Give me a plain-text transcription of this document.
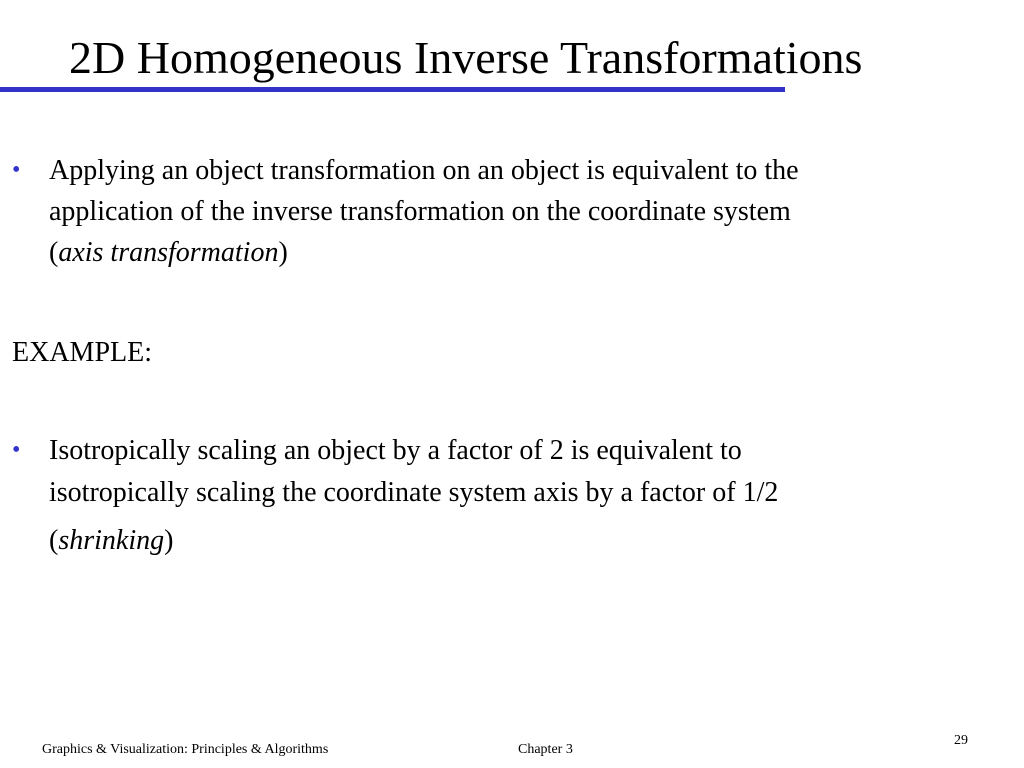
2D Homogeneous Inverse Transformations
• Applying an object transformation on an object is equivalent to the
application of the inverse transformation on the coordinate system
(axis transformation)
EXAMPLE:
• Isotropically scaling an object by a factor of 2 is equivalent to
isotropically scaling the coordinate system axis by a factor of 1/2
(shrinking)
Graphics & Visualization: Principles & Algorithms	Chapter 3
29
